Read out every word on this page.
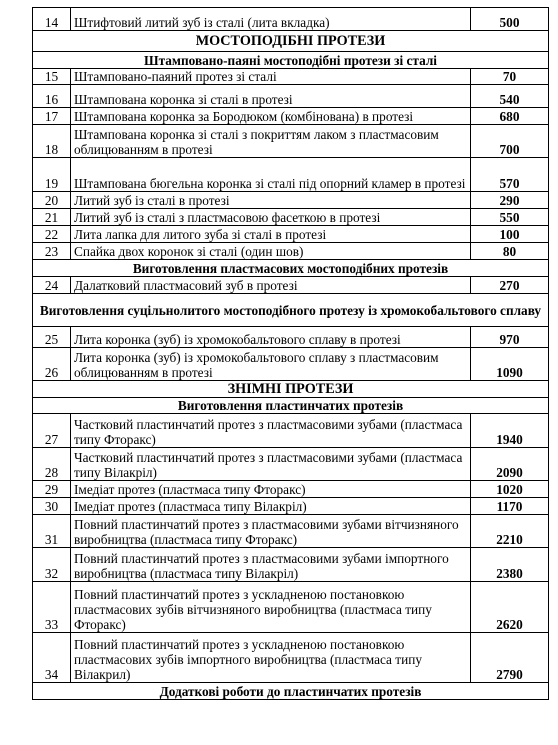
14	Штифтовий литий зуб із сталі (лита вкладка)	500
МОСТОПОДІБНІ ПРОТЕЗИ		
Штамповано-паяні мостоподібні протези зі сталі		
15	Штамповано-паяний протез зі сталі	70
16	Штампована коронка зі сталі в протезі	540
17	Штампована коронка за Бородюком (комбінована) в протезі	680
18	Штампована коронка зі сталі з покриттям лаком з пластмасовим облицюванням в протезі	700
19	Штампована бюгельна коронка зі сталі під опорний кламер в протезі	570
20	Литий зуб із сталі в протезі	290
21	Литий зуб із сталі з пластмасовою фасеткою в протезі	550
22	Лита лапка для литого зуба зі сталі в протезі	100
23	Спайка двох коронок зі сталі (один шов)	80
Виготовлення пластмасових мостоподібних протезів		
24	Далатковий пластмасовий зуб в протезі	270
Виготовлення суцільнолитого мостоподібного протезу із хромокобальтового сплаву		
25	Лита коронка (зуб) із хромокобальтового сплаву в протезі	970
26	Лита коронка (зуб) із хромокобальтового сплаву з пластмасовим облицюванням в протезі	1090
ЗНІМНІ ПРОТЕЗИ		
Виготовлення пластинчатих протезів		
27	Частковий пластинчатий протез з пластмасовими зубами (пластмаса типу Фторакс)	1940
28	Частковий пластинчатий протез з пластмасовими зубами (пластмаса типу Вілакріл)	2090
29	Імедіат протез (пластмаса типу Фторакс)	1020
30	Імедіат протез (пластмаса типу Вілакріл)	1170
31	Повний пластинчатий протез з пластмасовими зубами вітчизняного виробництва (пластмаса типу Фторакс)	2210
32	Повний пластинчатий протез з пластмасовими зубами імпортного виробництва (пластмаса типу Вілакріл)	2380
33	Повний пластинчатий протез з ускладненою постановкою пластмасових зубів вітчизняного виробництва (пластмаса типу Фторакс)	2620
34	Повний пластинчатий протез з ускладненою постановкою пластмасових зубів імпортного виробництва (пластмаса типу Вілакрил)	2790
Додаткові роботи до пластинчатих протезів		
